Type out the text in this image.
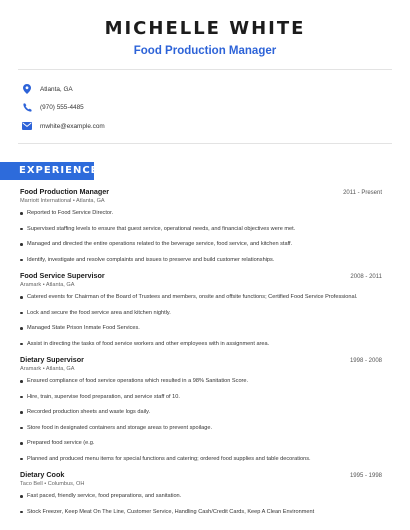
MICHELLE WHITE
Food Production Manager
Atlanta, GA
(970) 555-4485
mwhite@example.com
EXPERIENCE
Food Production Manager	2011 - Present
Marriott International • Atlanta, GA
Reported to Food Service Director.
Supervised staffing levels to ensure that guest service, operational needs, and financial objectives were met.
Managed and directed the entire operations related to the beverage service, food service, and kitchen staff.
Identify, investigate and resolve complaints and issues to preserve and build customer relationships.
Food Service Supervisor	2008 - 2011
Aramark • Atlanta, GA
Catered events for Chairman of the Board of Trustees and members, onsite and offsite functions; Certified Food Service Professional.
Lock and secure the food service area and kitchen nightly.
Managed State Prison Inmate Food Services.
Assist in directing the tasks of food service workers and other employees with in assignment area.
Dietary Supervisor	1998 - 2008
Aramark • Atlanta, GA
Ensured compliance of food service operations which resulted in a 98% Sanitation Score.
Hire, train, supervise food preparation, and service staff of 10.
Recorded production sheets and waste logs daily.
Store food in designated containers and storage areas to prevent spoilage.
Prepared food service (e.g.
Planned and produced menu items for special functions and catering; ordered food supplies and table decorations.
Dietary Cook	1995 - 1998
Taco Bell • Columbus, OH
Fast paced, friendly service, food preparations, and sanitation.
Stock Freezer, Keep Meat On The Line, Customer Service, Handling Cash/Credit Cards, Keep A Clean Environment
